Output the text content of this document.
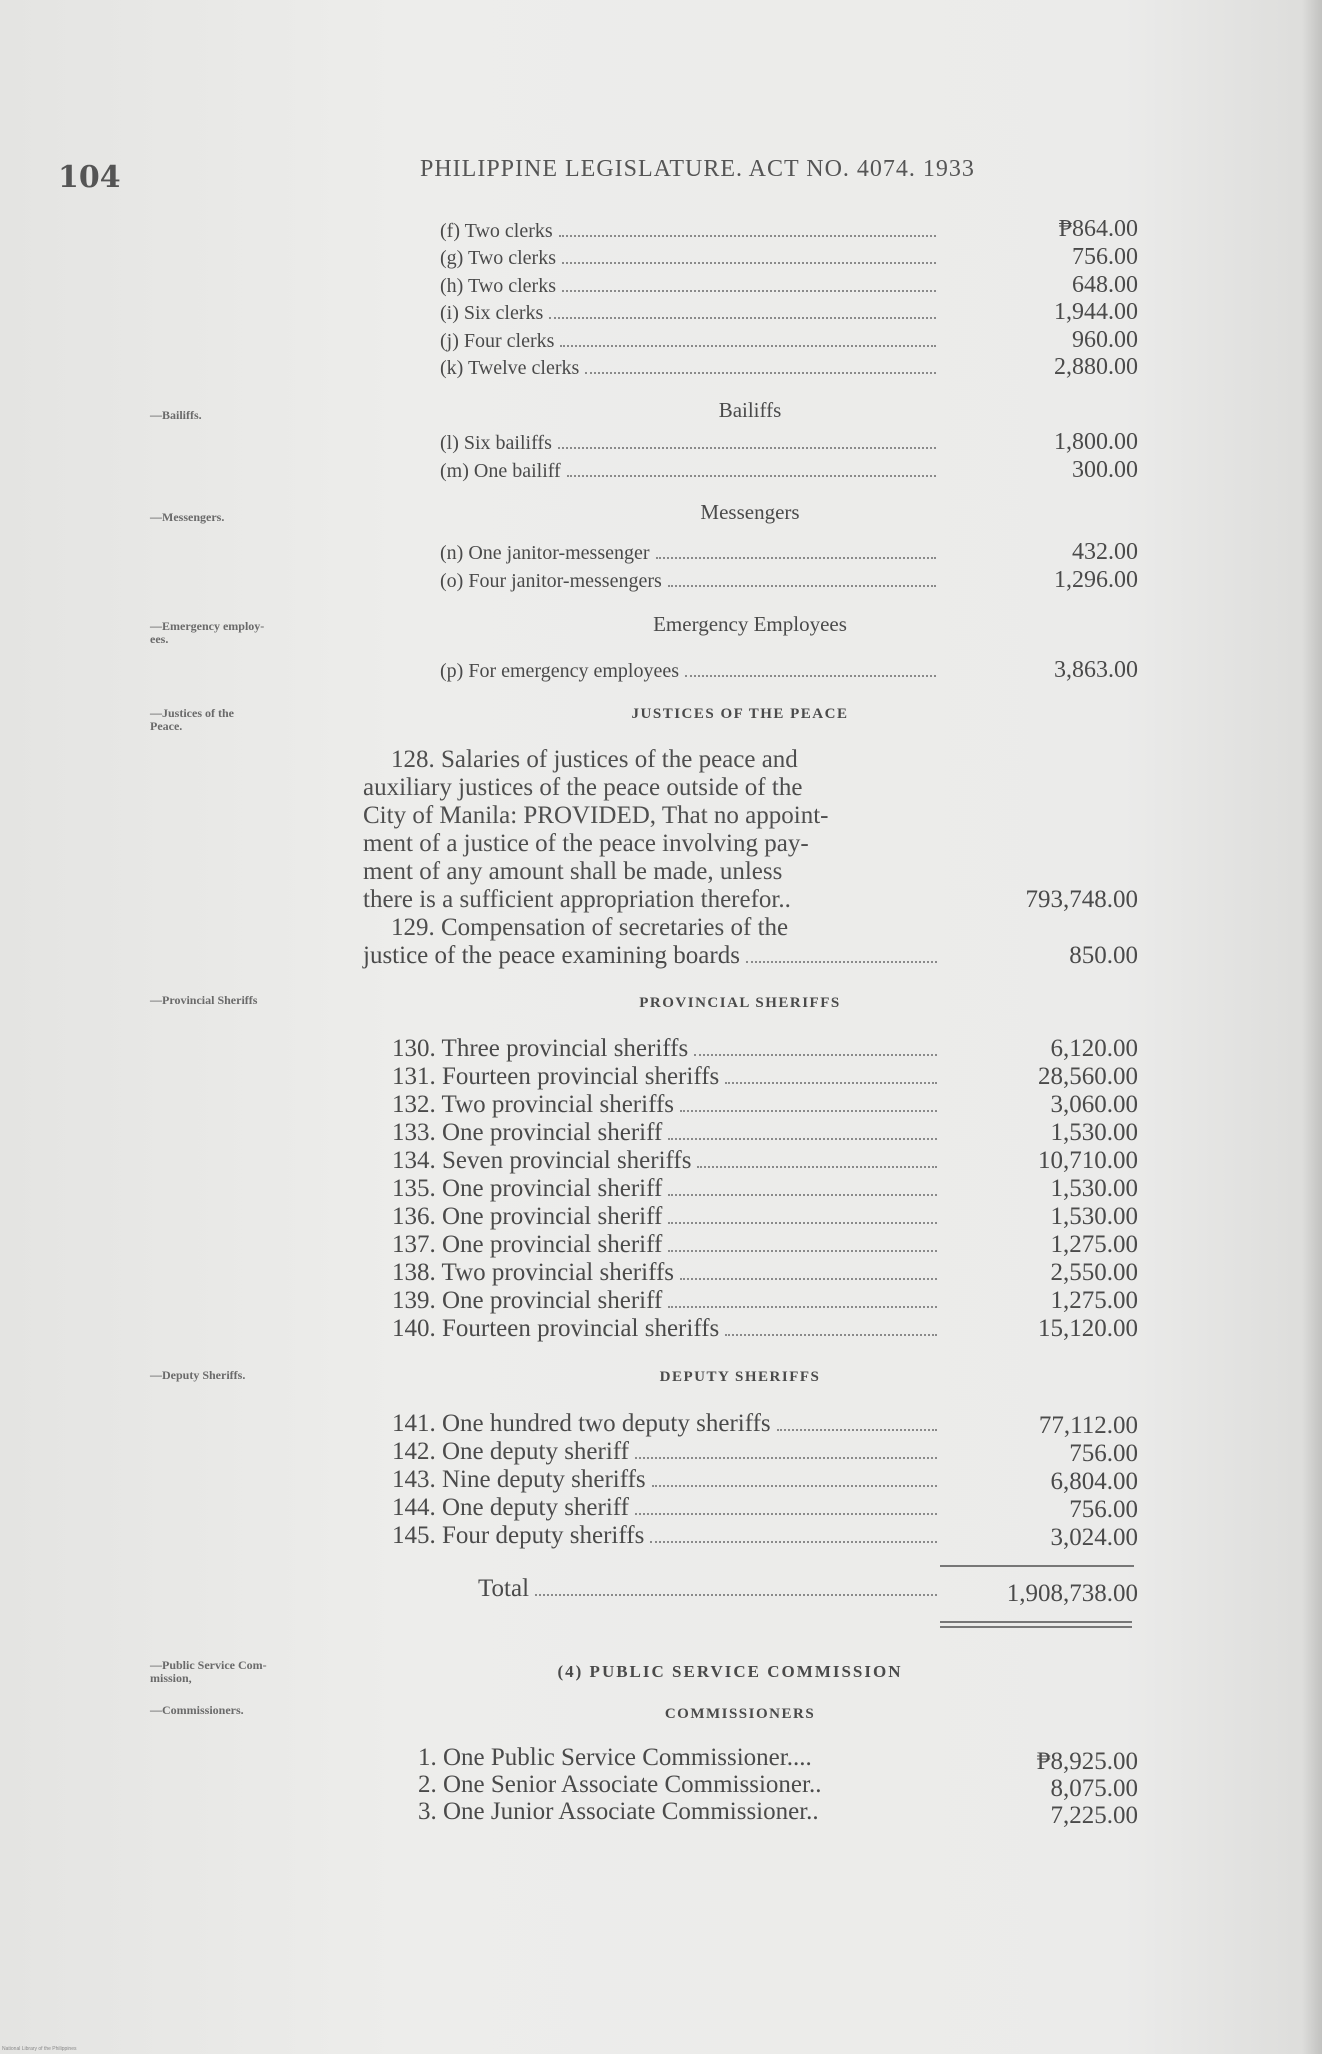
104	PHILIPPINE LEGISLATURE. ACT NO. 4074. 1933
(f) Two clerks	₱864.00
(g) Two clerks	756.00
(h) Two clerks	648.00
(i) Six clerks	1,944.00
(j) Four clerks	960.00
(k) Twelve clerks	2,880.00
—Bailiffs.	Bailiffs
(l) Six bailiffs	1,800.00
(m) One bailiff	300.00
—Messengers.	Messengers
(n) One janitor-messenger	432.00
(o) Four janitor-messengers	1,296.00
—Emergency employ-
ees.
Emergency Employees
(p) For emergency employees	3,863.00
—Justices of the
Peace.
JUSTICES OF THE PEACE
128. Salaries of justices of the peace and
auxiliary justices of the peace outside of the
City of Manila: PROVIDED, That no appoint-
ment of a justice of the peace involving pay-
ment of any amount shall be made, unless
there is a sufficient appropriation therefor..	793,748.00
129. Compensation of secretaries of the
justice of the peace examining boards	850.00
—Provincial Sheriffs	PROVINCIAL SHERIFFS
130. Three provincial sheriffs	6,120.00
131. Fourteen provincial sheriffs	28,560.00
132. Two provincial sheriffs	3,060.00
133. One provincial sheriff	1,530.00
134. Seven provincial sheriffs	10,710.00
135. One provincial sheriff	1,530.00
136. One provincial sheriff	1,530.00
137. One provincial sheriff	1,275.00
138. Two provincial sheriffs	2,550.00
139. One provincial sheriff	1,275.00
140. Fourteen provincial sheriffs	15,120.00
—Deputy Sheriffs.	DEPUTY SHERIFFS
141. One hundred two deputy sheriffs	77,112.00
142. One deputy sheriff	756.00
143. Nine deputy sheriffs	6,804.00
144. One deputy sheriff	756.00
145. Four deputy sheriffs	3,024.00
Total	1,908,738.00
—Public Service Com-
mission,	(4) PUBLIC SERVICE COMMISSION
—Commissioners.	COMMISSIONERS
1. One Public Service Commissioner....	₱8,925.00
2. One Senior Associate Commissioner..	8,075.00
3. One Junior Associate Commissioner..	7,225.00
National Library of the Philippines
